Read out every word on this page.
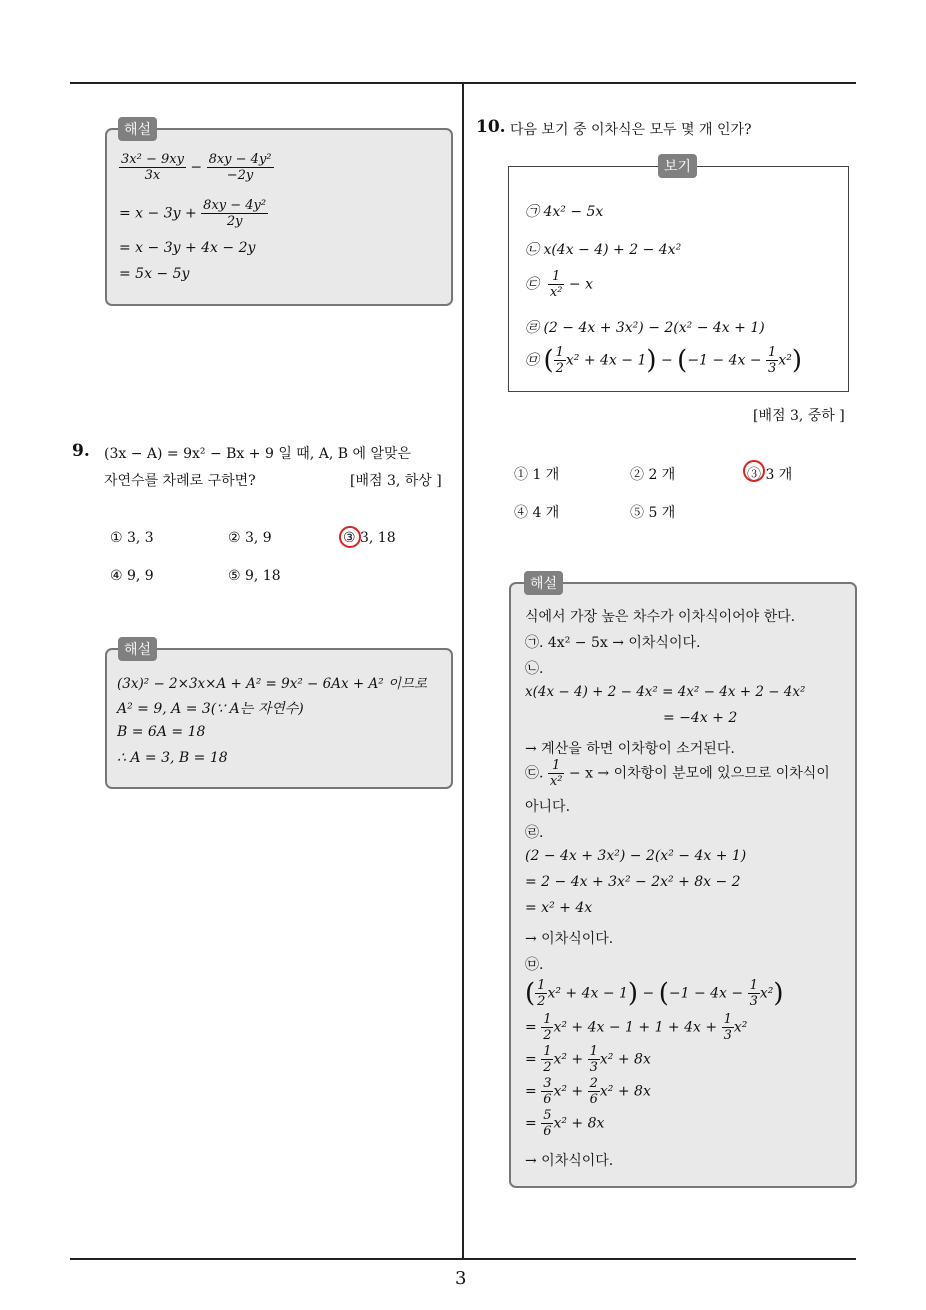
3
$\frac{\text{3x² − 9xy}}{3x} - \frac{\text{8xy − 4y²}}{-2y}$
= $x - 3y + \frac{\text{8xy − 4y²}}{2y}$
= x − 3y + 4x − 2y
= 5x − 5y
해설
9. (3x − A) = 9x² − Bx + 9 일 때, A, B 에 알맞은
자연수를 차례로 구하면?	[배점 3, 하상 ]
① 3, 3	② 3, 9	③ 3, 18
④ 9, 9	⑤ 9, 18
(3x)² − 2×3x×A + A² = 9x² − 6Ax + A² 이므로
A² = 9, A = 3(∵ A는 자연수)
B = 6A = 18
∴ A = 3, B = 18
해설
10. 다음 보기 중 이차식은 모두 몇 개 인가?
㉠ 4x² − 5x
㉡ x(4x − 4) + 2 − 4x²
㉢ $\frac{1}{\text{x²}} - x$
㉣ (2 − 4x + 3x²) − 2(x² − 4x + 1)
㉤ ( $\frac{1}{2} x^2 + 4x - 1) - (-1 - 4x - \frac{1}{3} x^2)$
보기
[배점 3, 중하 ]
① 1 개	② 2 개	③ 3 개
④ 4 개	⑤ 5 개
식에서 가장 높은 차수가 이차식이어야 한다.
㉠. 4x² − 5x → 이차식이다.
㉡.
x(4x − 4) + 2 − 4x² = 4x² − 4x + 2 − 4x²
= −4x + 2
→ 계산을 하면 이차항이 소거된다.
㉢. $\frac{1}{\text{x²}} - x$ → 이차항이 분모에 있으므로 이차식이
아니다.
㉣.
(2 − 4x + 3x²) − 2(x² − 4x + 1)
= 2 − 4x + 3x² − 2x² + 8x − 2
= x² + 4x
→ 이차식이다.
㉤.
( $\frac{1}{2} x^2 + 4x - 1) - (-1 - 4x - \frac{1}{3} x^2)$
= $\frac{1}{2} x^2 + 4x - 1 + 1 + 4x + \frac{1}{3} x^2$
= $\frac{1}{2} x^2 + \frac{1}{3} x^2 + 8x$
= $\frac{3}{6} x^2 + \frac{2}{6} x^2 + 8x$
= $\frac{5}{6} x^2 + 8x$
→ 이차식이다.
해설
